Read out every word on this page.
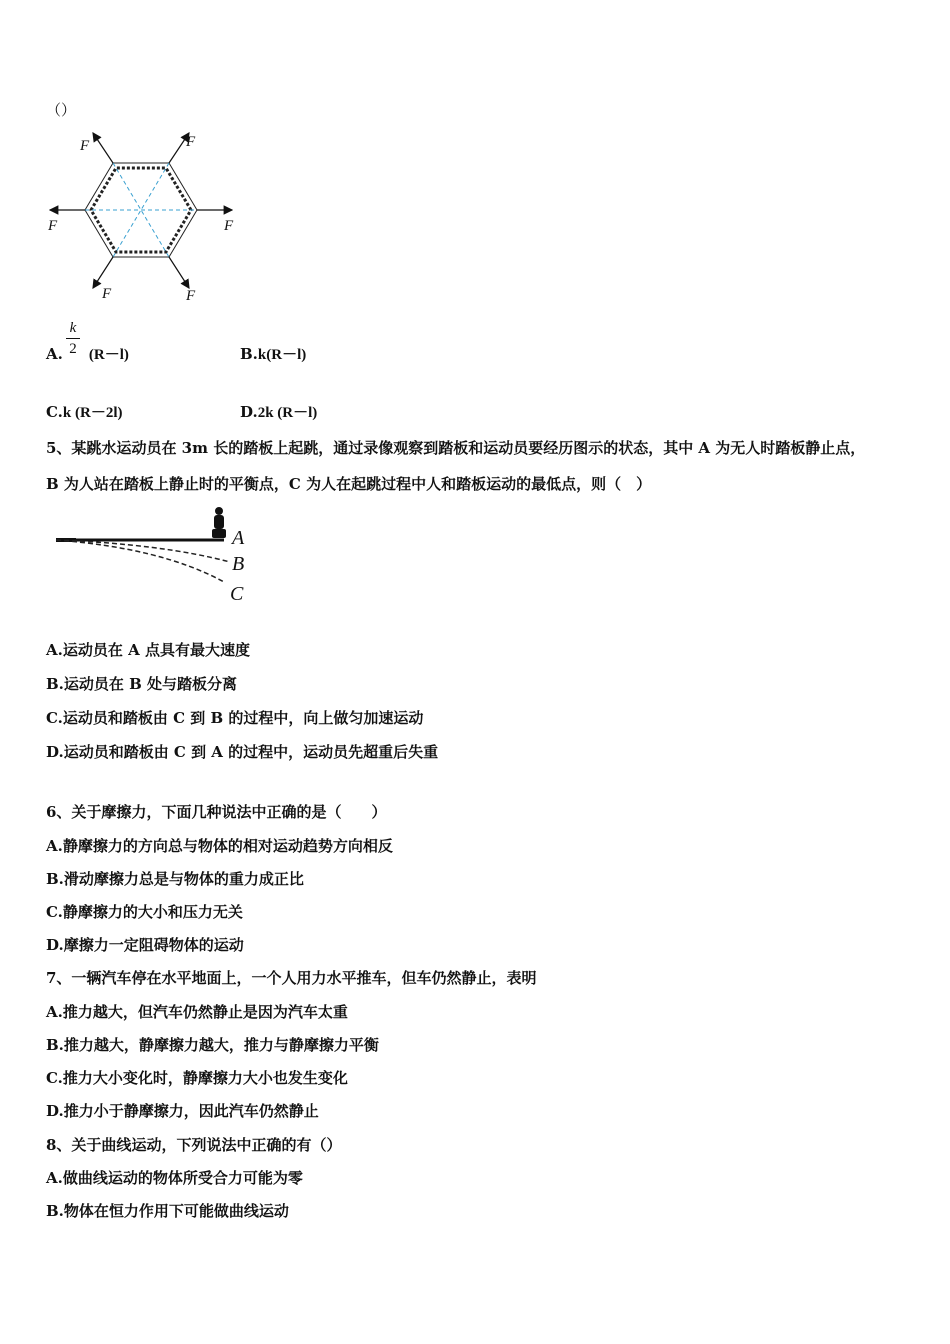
（）
F
F
F
F
F
F
k
2
A. (R－l)	B.k(R－l)
C.k (R－2l)	D.2k (R－l)
5、某跳水运动员在 3m 长的踏板上起跳，通过录像观察到踏板和运动员要经历图示的状态，其中 A 为无人时踏板静止点，
B 为人站在踏板上静止时的平衡点，C 为人在起跳过程中人和踏板运动的最低点，则（　）
A
B
C
A.运动员在 A 点具有最大速度
B.运动员在 B 处与踏板分离
C.运动员和踏板由 C 到 B 的过程中，向上做匀加速运动
D.运动员和踏板由 C 到 A 的过程中，运动员先超重后失重
6、关于摩擦力，下面几种说法中正确的是（　　）
A.静摩擦力的方向总与物体的相对运动趋势方向相反
B.滑动摩擦力总是与物体的重力成正比
C.静摩擦力的大小和压力无关
D.摩擦力一定阻碍物体的运动
7、一辆汽车停在水平地面上，一个人用力水平推车，但车仍然静止，表明
A.推力越大，但汽车仍然静止是因为汽车太重
B.推力越大，静摩擦力越大，推力与静摩擦力平衡
C.推力大小变化时，静摩擦力大小也发生变化
D.推力小于静摩擦力，因此汽车仍然静止
8、关于曲线运动，下列说法中正确的有（）
A.做曲线运动的物体所受合力可能为零
B.物体在恒力作用下可能做曲线运动
